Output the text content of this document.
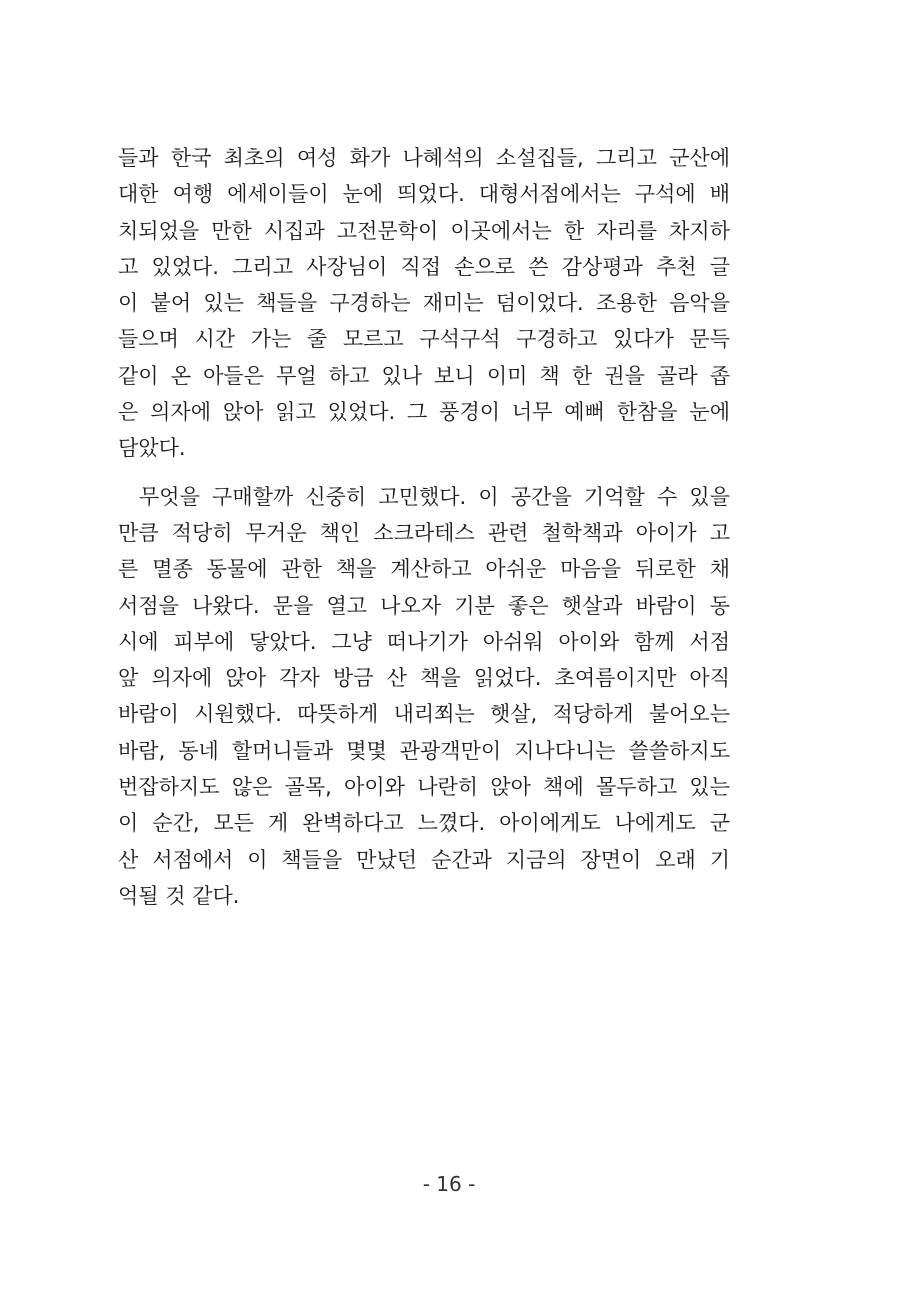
들과 한국 최초의 여성 화가 나혜석의 소설집들, 그리고 군산에
대한 여행 에세이들이 눈에 띄었다. 대형서점에서는 구석에 배
치되었을 만한 시집과 고전문학이 이곳에서는 한 자리를 차지하
고 있었다. 그리고 사장님이 직접 손으로 쓴 감상평과 추천 글
이 붙어 있는 책들을 구경하는 재미는 덤이었다. 조용한 음악을
들으며 시간 가는 줄 모르고 구석구석 구경하고 있다가 문득
같이 온 아들은 무얼 하고 있나 보니 이미 책 한 권을 골라 좁
은 의자에 앉아 읽고 있었다. 그 풍경이 너무 예뻐 한참을 눈에
담았다.
무엇을 구매할까 신중히 고민했다. 이 공간을 기억할 수 있을
만큼 적당히 무거운 책인 소크라테스 관련 철학책과 아이가 고
른 멸종 동물에 관한 책을 계산하고 아쉬운 마음을 뒤로한 채
서점을 나왔다. 문을 열고 나오자 기분 좋은 햇살과 바람이 동
시에 피부에 닿았다. 그냥 떠나기가 아쉬워 아이와 함께 서점
앞 의자에 앉아 각자 방금 산 책을 읽었다. 초여름이지만 아직
바람이 시원했다. 따뜻하게 내리쬐는 햇살, 적당하게 불어오는
바람, 동네 할머니들과 몇몇 관광객만이 지나다니는 쓸쓸하지도
번잡하지도 않은 골목, 아이와 나란히 앉아 책에 몰두하고 있는
이 순간, 모든 게 완벽하다고 느꼈다. 아이에게도 나에게도 군
산 서점에서 이 책들을 만났던 순간과 지금의 장면이 오래 기
억될 것 같다.
- 16 -
